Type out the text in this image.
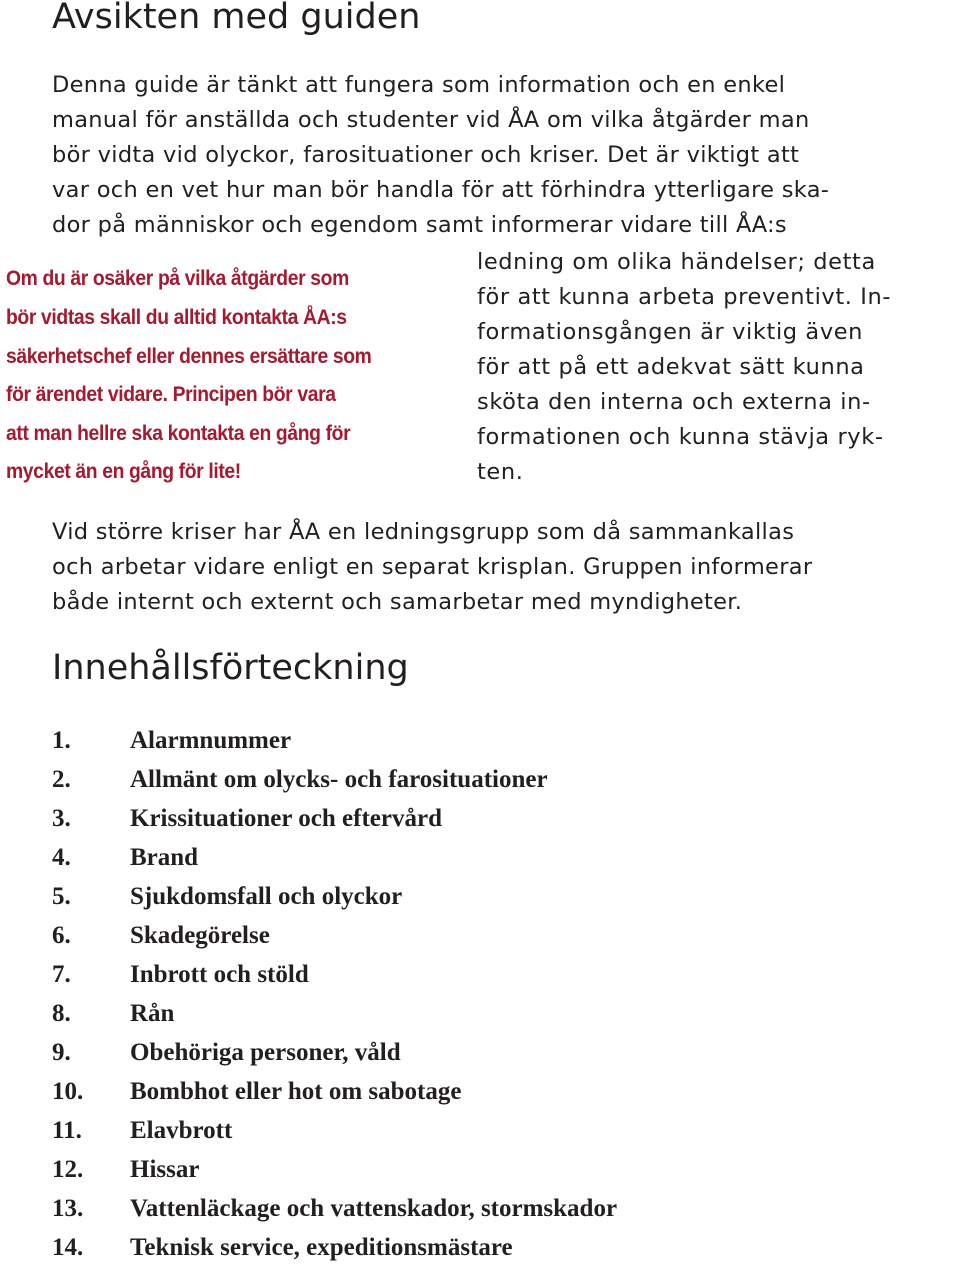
Avsikten med guiden
Denna guide är tänkt att fungera som information och en enkel
manual för anställda och studenter vid ÅA om vilka åtgärder man
bör vidta vid olyckor, farosituationer och kriser. Det är viktigt att
var och en vet hur man bör handla för att förhindra ytterligare ska-
dor på människor och egendom samt informerar vidare till ÅA:s
ledning om olika händelser; detta
för att kunna arbeta preventivt. In-
formationsgången är viktig även
för att på ett adekvat sätt kunna
sköta den interna och externa in-
formationen och kunna stävja ryk-
ten.
Om du är osäker på vilka åtgärder som
bör vidtas skall du alltid kontakta ÅA:s
säkerhetschef eller dennes ersättare som
för ärendet vidare. Principen bör vara
att man hellre ska kontakta en gång för
mycket än en gång för lite!
Vid större kriser har ÅA en ledningsgrupp som då sammankallas
och arbetar vidare enligt en separat krisplan. Gruppen informerar
både internt och externt och samarbetar med myndigheter.
Innehållsförteckning
1. Alarmnummer
2. Allmänt om olycks- och farosituationer
3. Krissituationer och eftervård
4. Brand
5. Sjukdomsfall och olyckor
6. Skadegörelse
7. Inbrott och stöld
8. Rån
9. Obehöriga personer, våld
10. Bombhot eller hot om sabotage
11. Elavbrott
12. Hissar
13. Vattenläckage och vattenskador, stormskador
14. Teknisk service, expeditionsmästare
